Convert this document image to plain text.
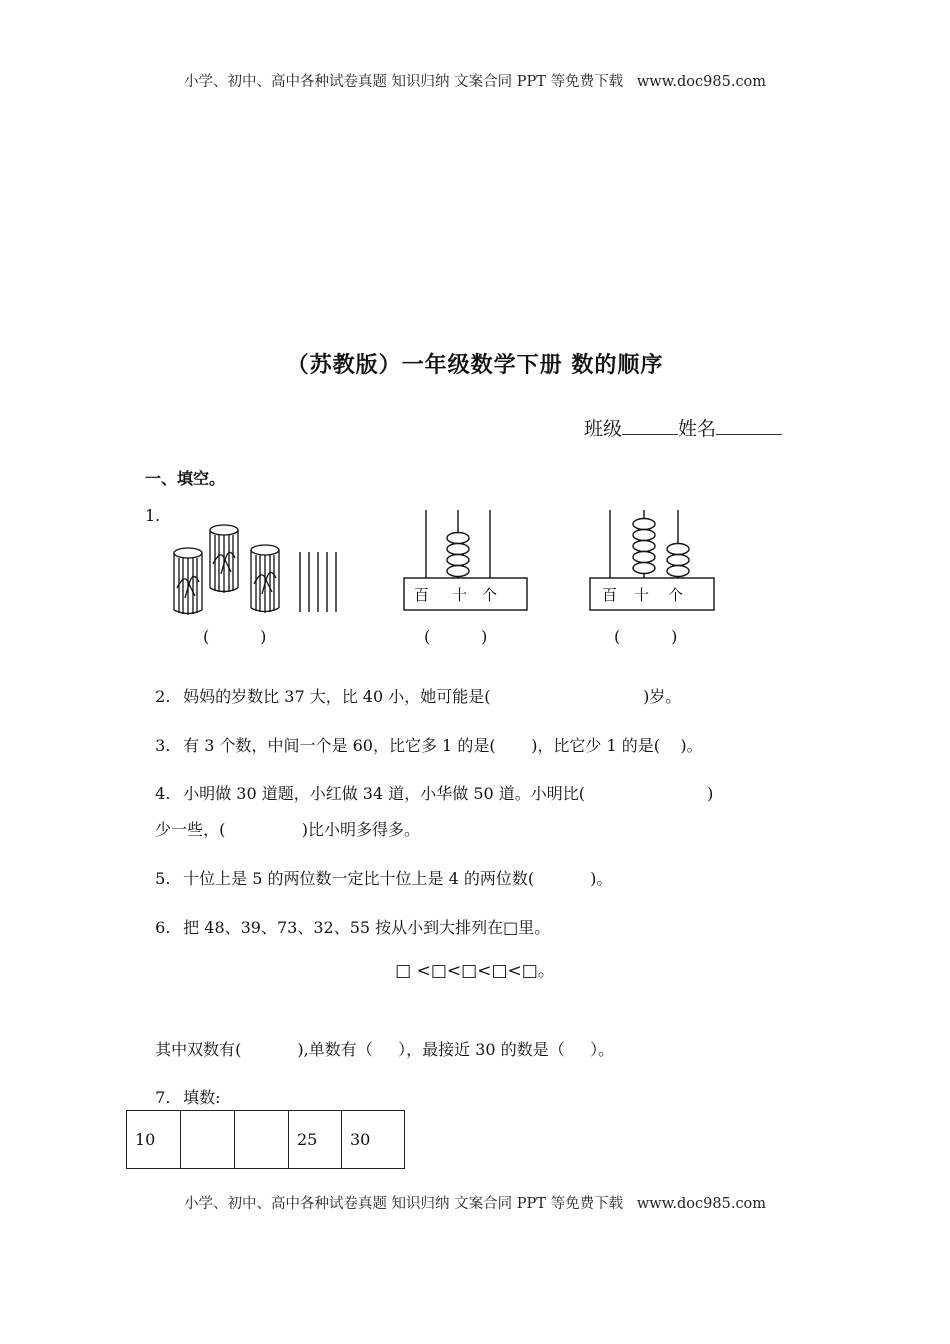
小学、初中、高中各种试卷真题 知识归纳 文案合同 PPT 等免费下载   www.doc985.com
小学、初中、高中各种试卷真题 知识归纳 文案合同 PPT 等免费下载   www.doc985.com
（苏教版）一年级数学下册 数的顺序
班级	姓名
一、填空。
1.
百 十 个	百 十 个
(          )	(          )	(          )

2. 妈妈的岁数比 37 大，比 40 小，她可能是(	)岁。

3. 有 3 个数，中间一个是 60，比它多 1 的是( )，比它少 1 的是( )。

4. 小明做 30 道题，小红做 34 道，小华做 50 道。小明比(	)

少一些，(	)比小明多得多。

5. 十位上是 5 的两位数一定比十位上是 4 的两位数(	)。

6. 把 48、39、73、32、55 按从小到大排列在□里。

□ <□<□<□<□。

其中双数有(	),单数有（ ），最接近 30 的数是（ ）。

7. 填数:

10			25	30
